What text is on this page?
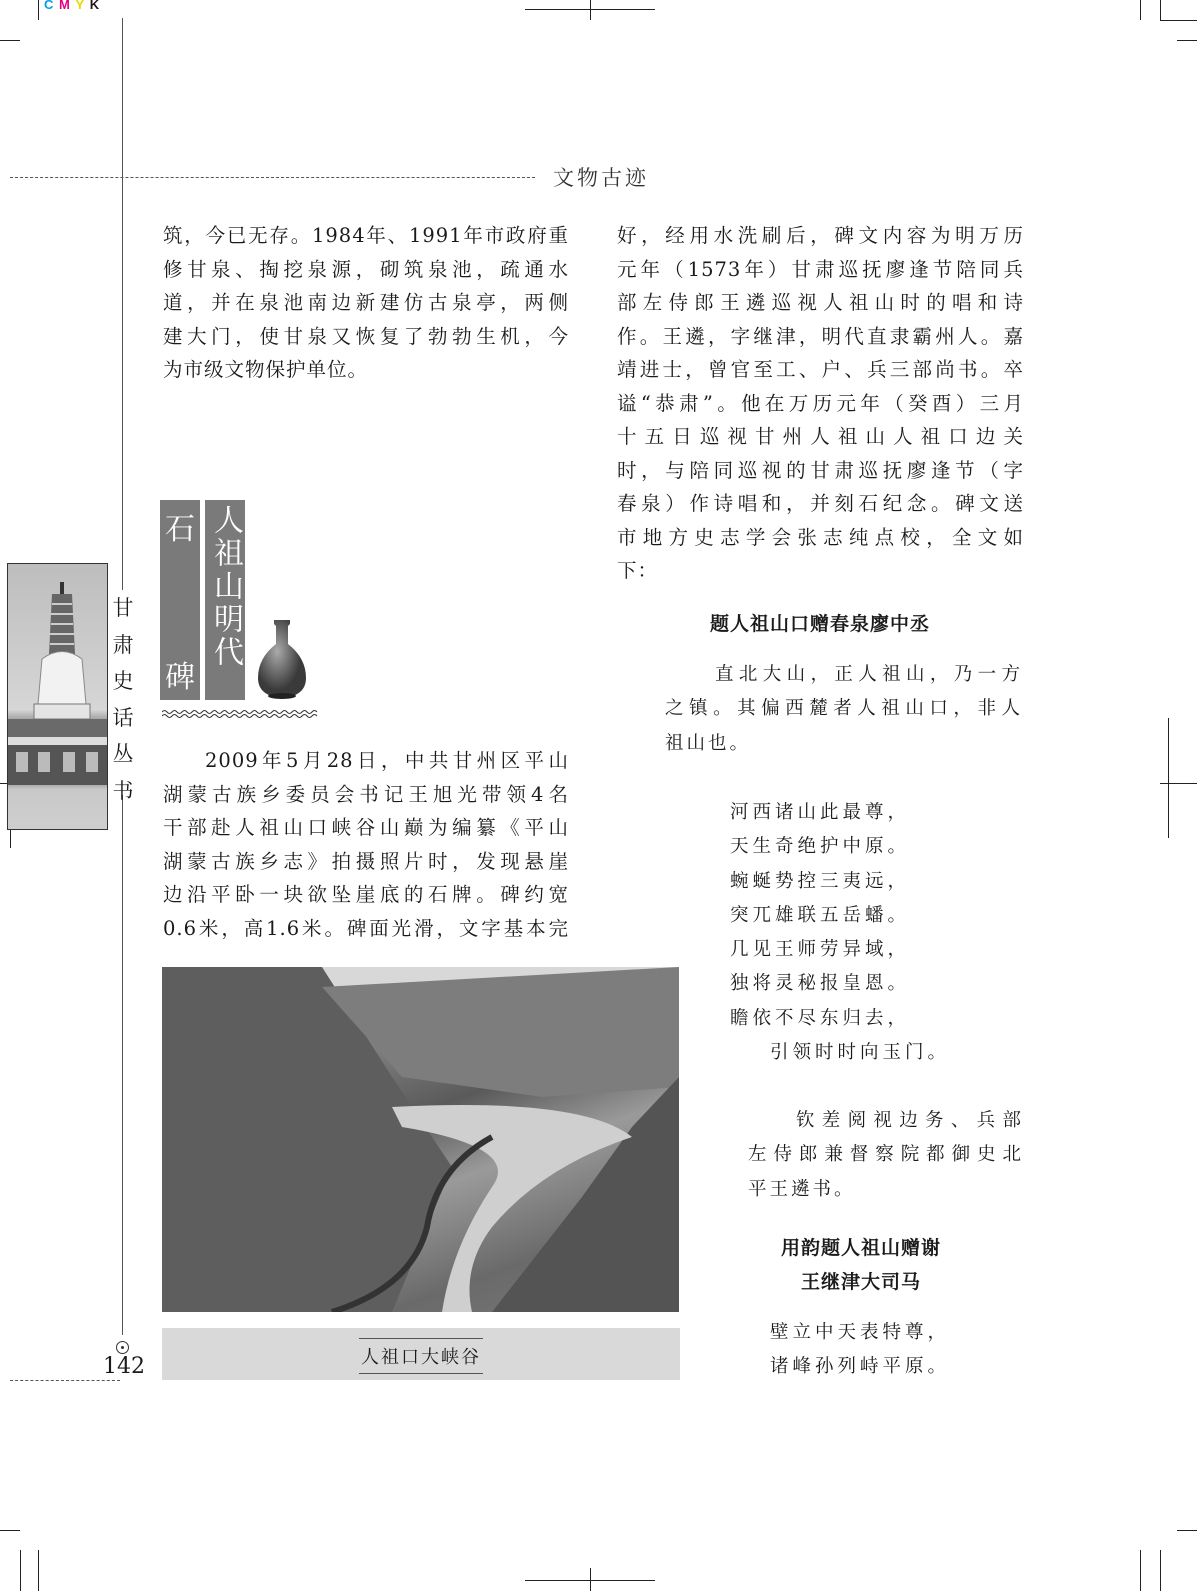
C M Y K
文物古迹
甘
肃
史
话
丛
书

筑，今已无存。1984年、1991年市政府重

修甘泉、掏挖泉源，砌筑泉池，疏通水

道，并在泉池南边新建仿古泉亭，两侧

建大门，使甘泉又恢复了勃勃生机，今

为市级文物保护单位。

石
碑
人祖山明代

2009年5月28日，中共甘州区平山

湖蒙古族乡委员会书记王旭光带领4名

干部赴人祖山口峡谷山巅为编纂《平山

湖蒙古族乡志》拍摄照片时，发现悬崖

边沿平卧一块欲坠崖底的石牌。碑约宽

0.6米，高1.6米。碑面光滑，文字基本完

人祖口大峡谷
142

好，经用水洗刷后，碑文内容为明万历

元年（1573年）甘肃巡抚廖逢节陪同兵

部左侍郎王遴巡视人祖山时的唱和诗

作。王遴，字继津，明代直隶霸州人。嘉

靖进士，曾官至工、户、兵三部尚书。卒

谥“恭肃”。他在万历元年（癸酉）三月

十五日巡视甘州人祖山人祖口边关

时，与陪同巡视的甘肃巡抚廖逢节（字

春泉）作诗唱和，并刻石纪念。碑文送

市地方史志学会张志纯点校，全文如

下：

题人祖山口赠春泉廖中丞

直北大山，正人祖山，乃一方

之镇。其偏西麓者人祖山口，非人

祖山也。

河西诸山此最尊，
天生奇绝护中原。
蜿蜒势控三夷远，
突兀雄联五岳蟠。
几见王师劳异域，
独将灵秘报皇恩。
瞻依不尽东归去，
引领时时向玉门。

钦差阅视边务、兵部

左侍郎兼督察院都御史北

平王遴书。

用韵题人祖山赠谢
王继津大司马
壁立中天表特尊，
诸峰孙列峙平原。
